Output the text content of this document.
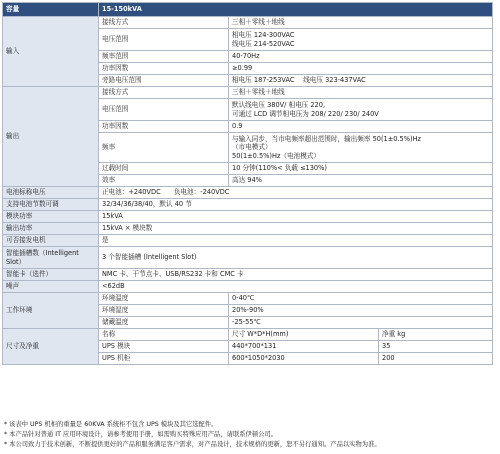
容量	15-150kVA		
输入	接线方式	三相＋零线＋地线	
	电压范围	相电压 124-300VAC
线电压 214-520VAC	
	频率范围	40-70Hz	
	功率因数	≥0.99	
	旁路电压范围	相电压 187-253VAC　 线电压 323-437VAC	
输出	接线方式	三相＋零线＋地线	
	电压范围	默认线电压 380V/ 相电压 220,
可通过 LCD 调节相电压为 208/ 220/ 230/ 240V	
	功率因数	0.9	
	频率	与输入同步，当市电频率超出范围时，输出频率 50(1±0.5%)Hz
（市电模式）
50(1±0.5%)Hz（电池模式）	
	过载时间	10 分钟(110%< 负载 ≤130%)	
	效率	高达 94%	
电池标称电压	正电池：+240VDC　　负电池：-240VDC		
支持电池节数可调	32/34/36/38/40，默认 40 节		
模块功率	15kVA		
输出功率	15kVA × 模块数		
可否接发电机	是		
智能插槽数（Intelligent Slot）	3 个智能插槽 (Intelligent Slot)		
智能卡（选件）	NMC 卡、干节点卡、USB/RS232 卡和 CMC 卡		
噪声	<62dB		
工作环境	环境温度	0-40℃	
	环境湿度	20%-90%	
	储藏温度	-25-55℃	
尺寸及净重	名称	尺寸 W*D*H(mm)	净重 kg
	UPS 模块	440*700*131	35
	UPS 机柜	600*1050*2030	200
* 该表中 UPS 机柜的重量是 60KVA 系统柜不包含 UPS 模块及其它选配件。
* 本产品针对普通 IT 应用环境设计，请参考使用手册，如需购买特殊应用产品，请联系伊顿公司。
* 本公司致力于技术创新，不断提供更好的产品和服务满足客户需求，对产品设计，技术规格的更新，恕不另行通知。产品以实物为准。
